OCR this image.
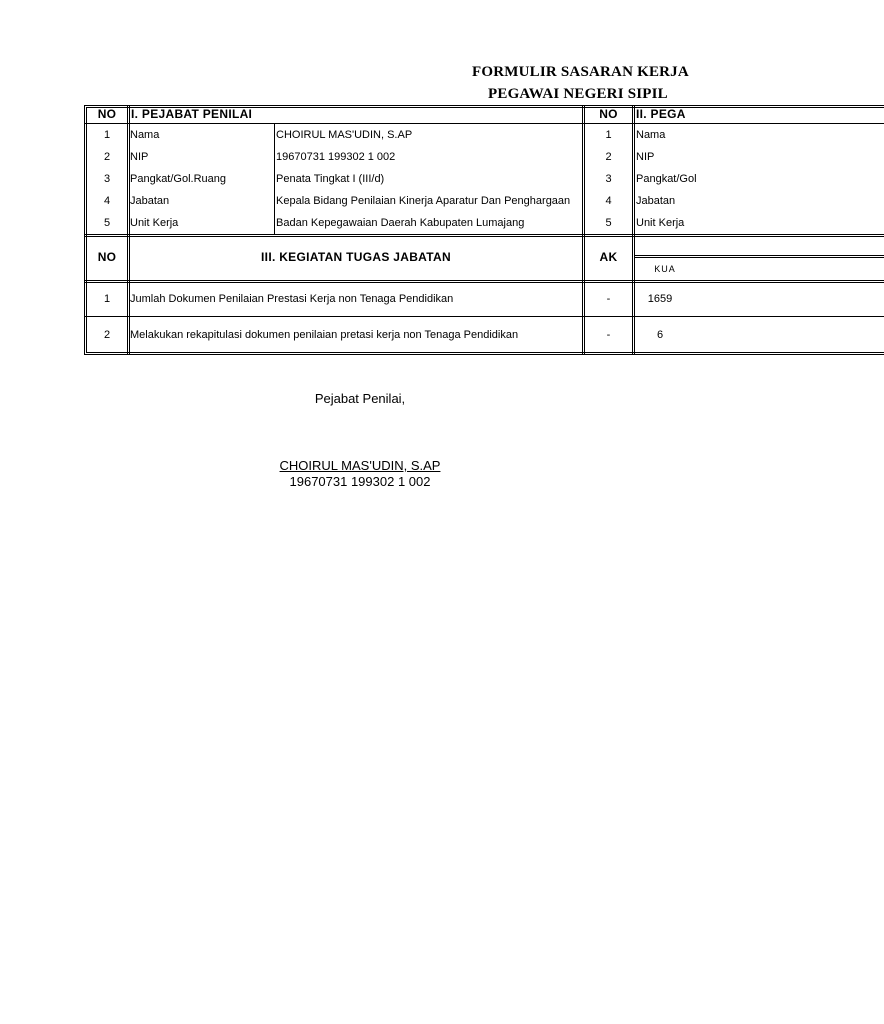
FORMULIR SASARAN KERJA
PEGAWAI NEGERI SIPIL
NO	I. PEJABAT PENILAI	NO	II. PEGA
1	Nama	CHOIRUL MAS'UDIN, S.AP	1	Nama
2	NIP	19670731 199302 1 002	2	NIP
3	Pangkat/Gol.Ruang	Penata Tingkat I (III/d)	3	Pangkat/Gol
4	Jabatan	Kepala Bidang Penilaian Kinerja Aparatur Dan Penghargaan	4	Jabatan
5	Unit Kerja	Badan Kepegawaian Daerah Kabupaten Lumajang	5	Unit Kerja
NO	III. KEGIATAN TUGAS JABATAN	AK
KUA
1	Jumlah Dokumen Penilaian Prestasi Kerja non Tenaga Pendidikan	-	1659
2	Melakukan rekapitulasi dokumen penilaian pretasi kerja non Tenaga Pendidikan	-	6
Pejabat Penilai,
CHOIRUL MAS'UDIN, S.AP
19670731 199302 1 002
